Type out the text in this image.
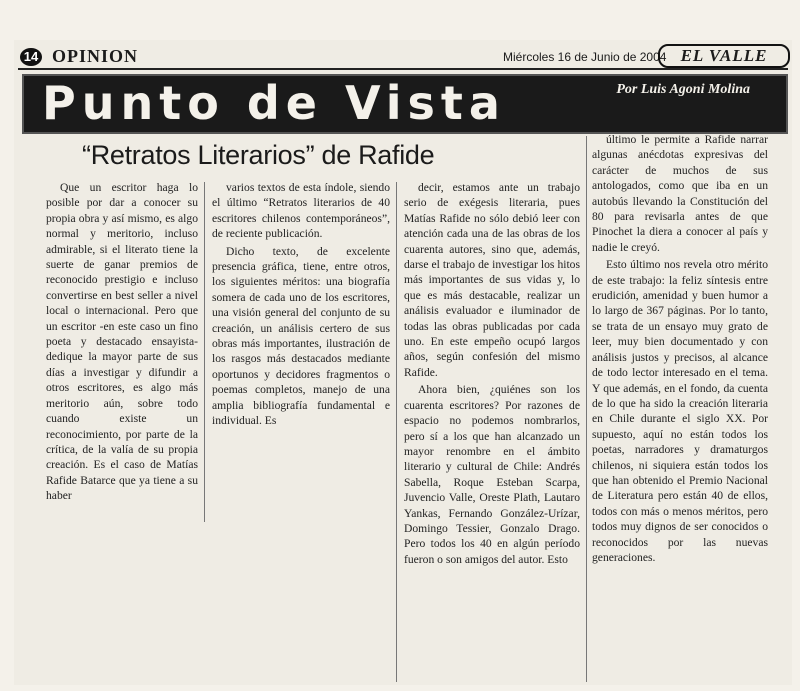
14 OPINION	Miércoles 16 de Junio de 2004 EL VALLE
Punto de Vista	Por Luis Agoni Molina
“Retratos Literarios” de Rafide

Que un escritor haga lo posible por dar a conocer su propia obra y así mismo, es algo normal y meritorio, incluso admirable, si el literato tiene la suerte de ganar premios de reconocido prestigio e incluso convertirse en best seller a nivel local o internacional. Pero que un escritor -en este caso un fino poeta y destacado ensayista- dedique la mayor parte de sus días a investigar y difundir a otros escritores, es algo más meritorio aún, sobre todo cuando existe un reconocimiento, por parte de la crítica, de la valía de su propia creación. Es el caso de Matías Rafide Batarce que ya tiene a su haber

varios textos de esta índole, siendo el último “Retratos literarios de 40 escritores chilenos contemporáneos”, de reciente publicación.

Dicho texto, de excelente presencia gráfica, tiene, entre otros, los siguientes méritos: una biografía somera de cada uno de los escritores, una visión general del conjunto de su creación, un análisis certero de sus obras más importantes, ilustración de los rasgos más destacados mediante oportunos y decidores fragmentos o poemas completos, manejo de una amplia bibliografía fundamental e individual. Es

decir, estamos ante un trabajo serio de exégesis literaria, pues Matías Rafide no sólo debió leer con atención cada una de las obras de los cuarenta autores, sino que, además, darse el trabajo de investigar los hitos más importantes de sus vidas y, lo que es más destacable, realizar un análisis evaluador e iluminador de todas las obras publicadas por cada uno. En este empeño ocupó largos años, según confesión del mismo Rafide.

Ahora bien, ¿quiénes son los cuarenta escritores? Por razones de espacio no podemos nombrarlos, pero sí a los que han alcanzado un mayor renombre en el ámbito literario y cultural de Chile: Andrés Sabella, Roque Esteban Scarpa, Juvencio Valle, Oreste Plath, Lautaro Yankas, Fernando González-Urízar, Domingo Tessier, Gonzalo Drago. Pero todos los 40 en algún período fueron o son amigos del autor. Esto

último le permite a Rafide narrar algunas anécdotas expresivas del carácter de muchos de sus antologados, como que iba en un autobús llevando la Constitución del 80 para revisarla antes de que Pinochet la diera a conocer al país y nadie le creyó.

Esto último nos revela otro mérito de este trabajo: la feliz síntesis entre erudición, amenidad y buen humor a lo largo de 367 páginas. Por lo tanto, se trata de un ensayo muy grato de leer, muy bien documentado y con análisis justos y precisos, al alcance de todo lector interesado en el tema. Y que además, en el fondo, da cuenta de lo que ha sido la creación literaria en Chile durante el siglo XX. Por supuesto, aquí no están todos los poetas, narradores y dramaturgos chilenos, ni siquiera están todos los que han obtenido el Premio Nacional de Literatura pero están 40 de ellos, todos con más o menos méritos, pero todos muy dignos de ser conocidos o reconocidos por las nuevas generaciones.
